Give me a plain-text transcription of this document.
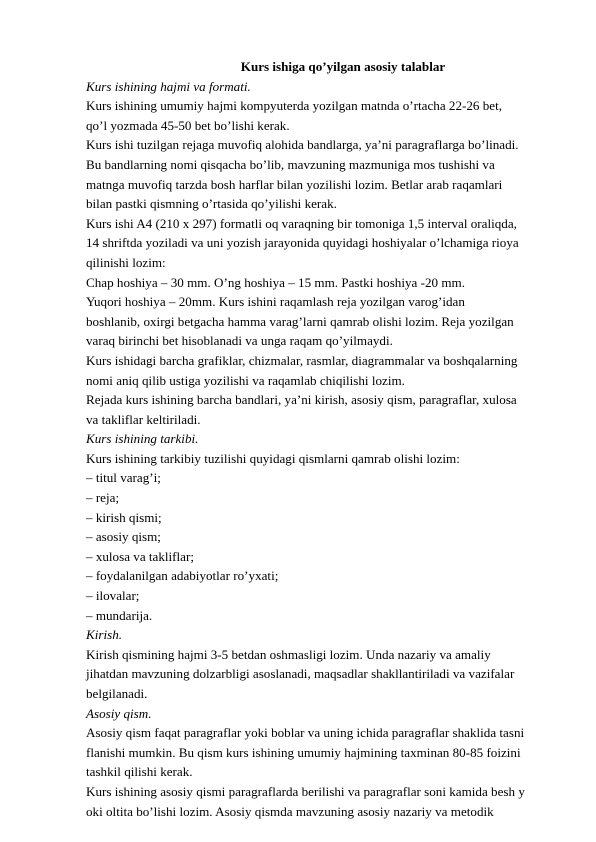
Kurs ishiga qo’yilgan asosiy talablar

Kurs ishining hajmi va formati.

Kurs ishining umumiy hajmi kompyuterda yozilgan matnda o’rtacha 22-26 bet,

qo’l yozmada 45-50 bet bo’lishi kerak.

Kurs ishi tuzilgan rejaga muvofiq alohida bandlarga, ya’ni paragraflarga bo’linadi.

Bu bandlarning nomi qisqacha bo’lib, mavzuning mazmuniga mos tushishi va

matnga muvofiq tarzda bosh harflar bilan yozilishi lozim. Betlar arab raqamlari

bilan pastki qismning o’rtasida qo’yilishi kerak.

Kurs ishi A4 (210 x 297) formatli oq varaqning bir tomoniga 1,5 interval oraliqda,

14 shriftda yoziladi va uni yozish jarayonida quyidagi hoshiyalar o’lchamiga rioya

qilinishi lozim:

Chap hoshiya – 30 mm. O’ng hoshiya – 15 mm. Pastki hoshiya -20 mm.

Yuqori hoshiya – 20mm. Kurs ishini raqamlash reja yozilgan varog’idan

boshlanib, oxirgi betgacha hamma varag’larni qamrab olishi lozim. Reja yozilgan

varaq birinchi bet hisoblanadi va unga raqam qo’yilmaydi.

Kurs ishidagi barcha grafiklar, chizmalar, rasmlar, diagrammalar va boshqalarning

nomi aniq qilib ustiga yozilishi va raqamlab chiqilishi lozim.

Rejada kurs ishining barcha bandlari, ya’ni kirish, asosiy qism, paragraflar, xulosa

va takliflar keltiriladi.

Kurs ishining tarkibi.

Kurs ishining tarkibiy tuzilishi quyidagi qismlarni qamrab olishi lozim:

– titul varag’i;

– reja;

– kirish qismi;

– asosiy qism;

– xulosa va takliflar;

– foydalanilgan adabiyotlar ro’yxati;

– ilovalar;

– mundarija.

Kirish.

Kirish qismining hajmi 3-5 betdan oshmasligi lozim. Unda nazariy va amaliy

jihatdan mavzuning dolzarbligi asoslanadi, maqsadlar shakllantiriladi va vazifalar

belgilanadi.

Asosiy qism.

Asosiy qism faqat paragraflar yoki boblar va uning ichida paragraflar shaklida tasni

flanishi mumkin. Bu qism kurs ishining umumiy hajmining taxminan 80-85 foizini

tashkil qilishi kerak.

Kurs ishining asosiy qismi paragraflarda berilishi va paragraflar soni kamida besh y

oki oltita bo’lishi lozim. Asosiy qismda mavzuning asosiy nazariy va metodik
